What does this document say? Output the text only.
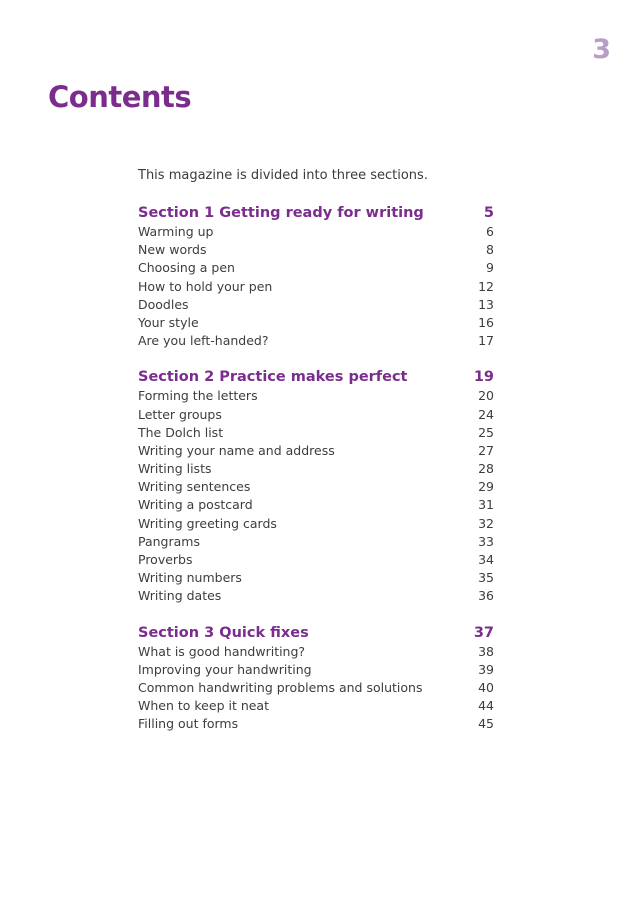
3
Contents
This magazine is divided into three sections.
Section 1 Getting ready for writing	5
Warming up	6
New words	8
Choosing a pen	9
How to hold your pen	12
Doodles	13
Your style	16
Are you left-handed?	17
Section 2 Practice makes perfect	19
Forming the letters	20
Letter groups	24
The Dolch list	25
Writing your name and address	27
Writing lists	28
Writing sentences	29
Writing a postcard	31
Writing greeting cards	32
Pangrams	33
Proverbs	34
Writing numbers	35
Writing dates	36
Section 3 Quick fixes	37
What is good handwriting?	38
Improving your handwriting	39
Common handwriting problems and solutions	40
When to keep it neat	44
Filling out forms	45
